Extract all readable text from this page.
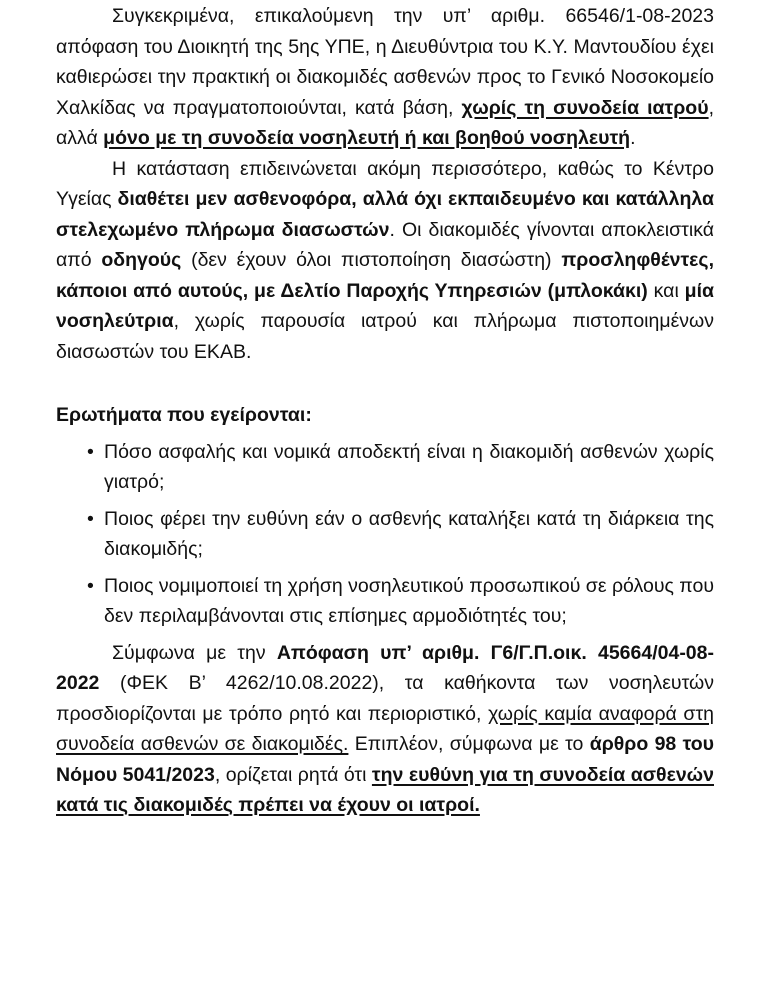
Συγκεκριμένα, επικαλούμενη την υπ’ αριθμ. 66546/1-08-2023 απόφαση του Διοικητή της 5ης ΥΠΕ, η Διευθύντρια του Κ.Υ. Μαντουδίου έχει καθιερώσει την πρακτική οι διακομιδές ασθενών προς το Γενικό Νοσοκομείο Χαλκίδας να πραγματοποιούνται, κατά βάση, χωρίς τη συνοδεία ιατρού, αλλά μόνο με τη συνοδεία νοσηλευτή ή και βοηθού νοσηλευτή.

Η κατάσταση επιδεινώνεται ακόμη περισσότερο, καθώς το Κέντρο Υγείας διαθέτει μεν ασθενοφόρα, αλλά όχι εκπαιδευμένο και κατάλληλα στελεχωμένο πλήρωμα διασωστών. Οι διακομιδές γίνονται αποκλειστικά από οδηγούς (δεν έχουν όλοι πιστοποίηση διασώστη) προσληφθέντες, κάποιοι από αυτούς, με Δελτίο Παροχής Υπηρεσιών (μπλοκάκι) και μία νοσηλεύτρια, χωρίς παρουσία ιατρού και πλήρωμα πιστοποιημένων διασωστών του ΕΚΑΒ.

Ερωτήματα που εγείρονται:

• Πόσο ασφαλής και νομικά αποδεκτή είναι η διακομιδή ασθενών χωρίς γιατρό;
• Ποιος φέρει την ευθύνη εάν ο ασθενής καταλήξει κατά τη διάρκεια της διακομιδής;
• Ποιος νομιμοποιεί τη χρήση νοσηλευτικού προσωπικού σε ρόλους που δεν περιλαμβάνονται στις επίσημες αρμοδιότητές του;

Σύμφωνα με την Απόφαση υπ’ αριθμ. Γ6/Γ.Π.οικ. 45664/04-08-2022 (ΦΕΚ Β’ 4262/10.08.2022), τα καθήκοντα των νοσηλευτών προσδιορίζονται με τρόπο ρητό και περιοριστικό, χωρίς καμία αναφορά στη συνοδεία ασθενών σε διακομιδές. Επιπλέον, σύμφωνα με το άρθρο 98 του Νόμου 5041/2023, ορίζεται ρητά ότι την ευθύνη για τη συνοδεία ασθενών κατά τις διακομιδές πρέπει να έχουν οι ιατροί.
